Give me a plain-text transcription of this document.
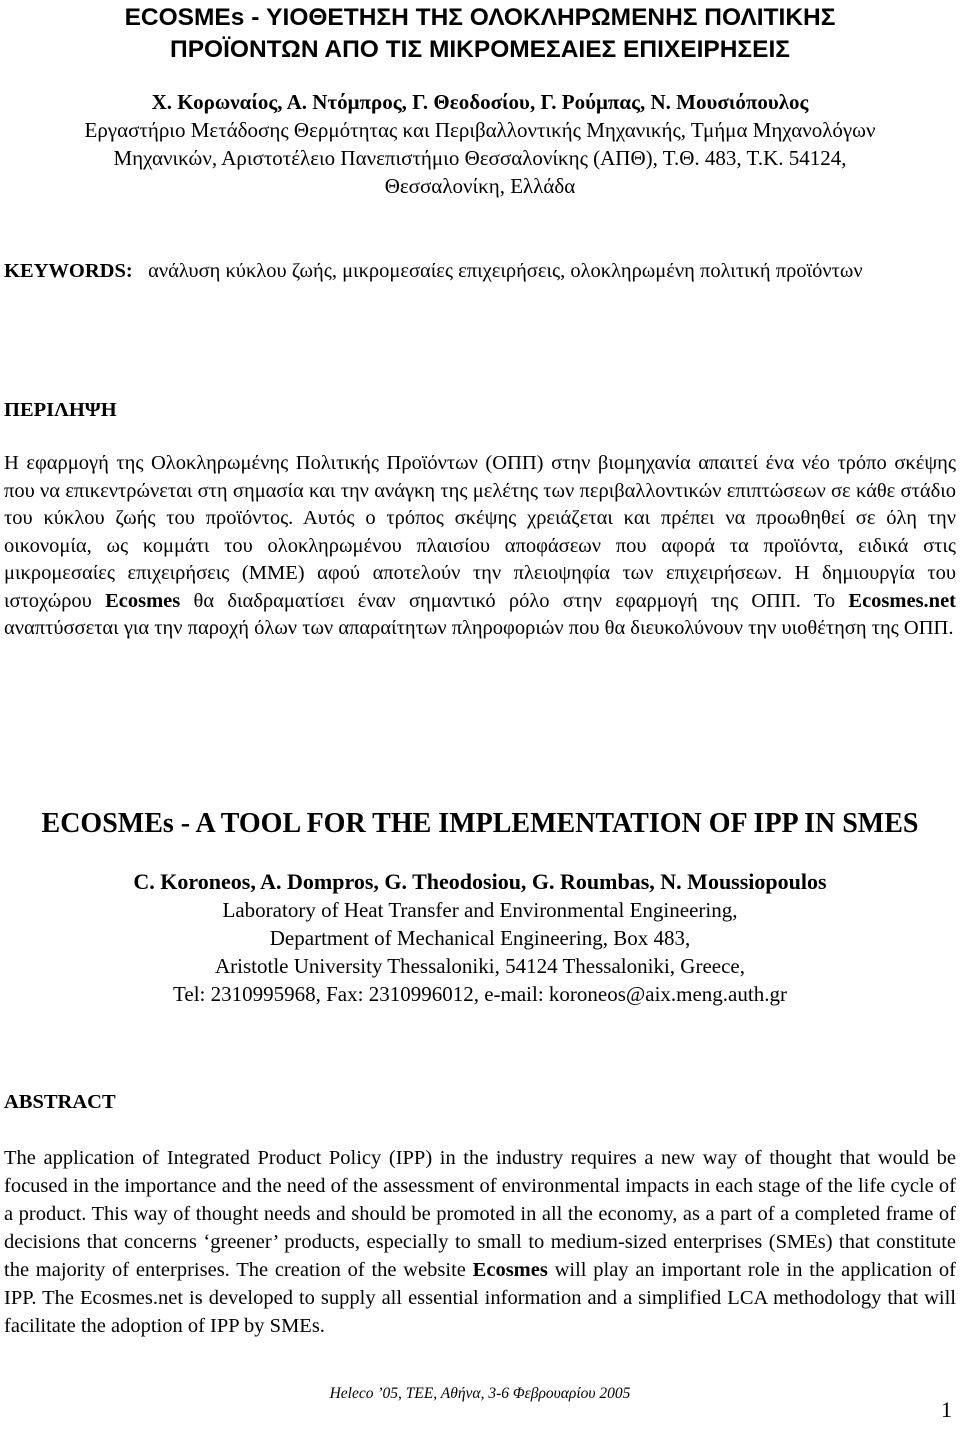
ECOSMEs - ΥΙΟΘΕΤΗΣΗ ΤΗΣ ΟΛΟΚΛΗΡΩΜΕΝΗΣ ΠΟΛΙΤΙΚΗΣ
ΠΡΟΪΟΝΤΩΝ ΑΠΟ ΤΙΣ ΜΙΚΡΟΜΕΣΑΙΕΣ ΕΠΙΧΕΙΡΗΣΕΙΣ
Χ. Κορωναίος, Α. Ντόμπρος, Γ. Θεοδοσίου, Γ. Ρούμπας, Ν. Μουσιόπουλος
Εργαστήριο Μετάδοσης Θερμότητας και Περιβαλλοντικής Μηχανικής, Τμήμα Μηχανολόγων
Μηχανικών, Αριστοτέλειο Πανεπιστήμιο Θεσσαλονίκης (ΑΠΘ), Τ.Θ. 483, Τ.Κ. 54124,
Θεσσαλονίκη, Ελλάδα

KEYWORDS: ανάλυση κύκλου ζωής, μικρομεσαίες επιχειρήσεις, ολοκληρωμένη πολιτική προϊόντων

ΠΕΡΙΛΗΨΗ

Η εφαρμογή της Ολοκληρωμένης Πολιτικής Προϊόντων (ΟΠΠ) στην βιομηχανία απαιτεί ένα νέο τρόπο σκέψης που να επικεντρώνεται στη σημασία και την ανάγκη της μελέτης των περιβαλλοντικών επιπτώσεων σε κάθε στάδιο του κύκλου ζωής του προϊόντος. Αυτός ο τρόπος σκέψης χρειάζεται και πρέπει να προωθηθεί σε όλη την οικονομία, ως κομμάτι του ολοκληρωμένου πλαισίου αποφάσεων που αφορά τα προϊόντα, ειδικά στις μικρομεσαίες επιχειρήσεις (ΜΜΕ) αφού αποτελούν την πλειοψηφία των επιχειρήσεων. Η δημιουργία του ιστοχώρου Ecosmes θα διαδραματίσει έναν σημαντικό ρόλο στην εφαρμογή της ΟΠΠ. Το Ecosmes.net αναπτύσσεται για την παροχή όλων των απαραίτητων πληροφοριών που θα διευκολύνουν την υιοθέτηση της ΟΠΠ.

ECOSMEs - A TOOL FOR THE IMPLEMENTATION OF IPP IN SMES
C. Koroneos, A. Dompros, G. Theodosiou, G. Roumbas, N. Moussiopoulos
Laboratory of Heat Transfer and Environmental Engineering,
Department of Mechanical Engineering, Box 483,
Aristotle University Thessaloniki, 54124 Thessaloniki, Greece,
Tel: 2310995968, Fax: 2310996012, e-mail: koroneos@aix.meng.auth.gr
ABSTRACT

The application of Integrated Product Policy (IPP) in the industry requires a new way of thought that would be focused in the importance and the need of the assessment of environmental impacts in each stage of the life cycle of a product. This way of thought needs and should be promoted in all the economy, as a part of a completed frame of decisions that concerns ‘greener’ products, especially to small to medium-sized enterprises (SMEs) that constitute the majority of enterprises. The creation of the website Ecosmes will play an important role in the application of IPP. The Ecosmes.net is developed to supply all essential information and a simplified LCA methodology that will facilitate the adoption of IPP by SMEs.

Heleco ’05, ΤΕΕ, Αθήνα, 3-6 Φεβρουαρίου 2005

1
